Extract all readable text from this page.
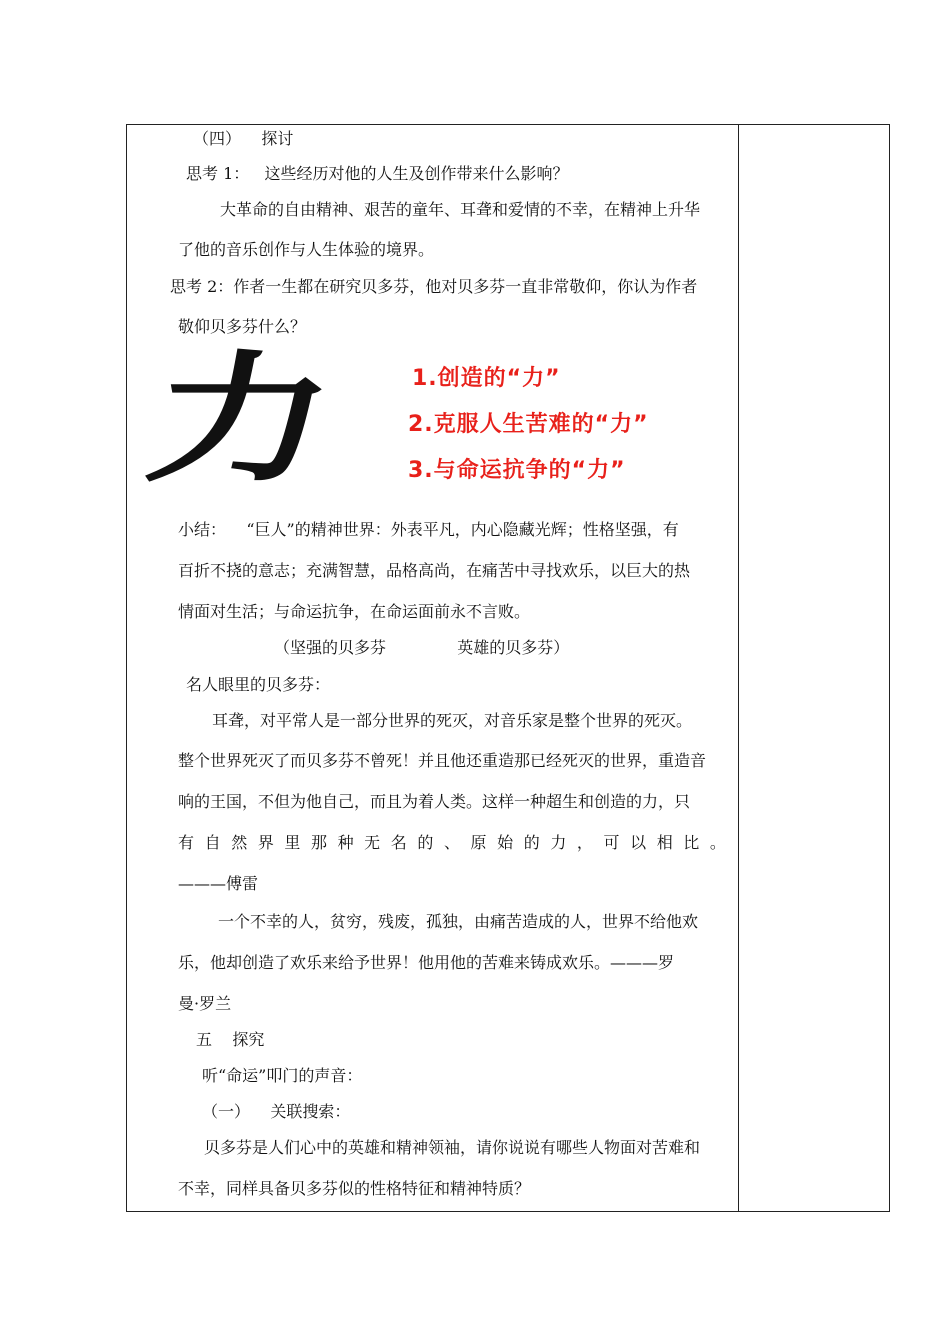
（四）    探讨
思考 1：   这些经历对他的人生及创作带来什么影响？
大革命的自由精神、艰苦的童年、耳聋和爱情的不幸，在精神上升华
了他的音乐创作与人生体验的境界。
思考 2：作者一生都在研究贝多芬，他对贝多芬一直非常敬仰，你认为作者
敬仰贝多芬什么？
力	1.创造的“力”
2.克服人生苦难的“力”
3.与命运抗争的“力”
小结：    “巨人”的精神世界：外表平凡，内心隐藏光辉；性格坚强，有
百折不挠的意志；充满智慧，品格高尚，在痛苦中寻找欢乐，以巨大的热
情面对生活；与命运抗争，在命运面前永不言败。
（坚强的贝多芬              英雄的贝多芬）
名人眼里的贝多芬：
耳聋，对平常人是一部分世界的死灭，对音乐家是整个世界的死灭。
整个世界死灭了而贝多芬不曾死！并且他还重造那已经死灭的世界，重造音
响的王国，不但为他自己，而且为着人类。这样一种超生和创造的力，只
有 自 然 界 里 那 种 无 名 的 、 原 始 的 力 ， 可 以 相 比 。
———傅雷
一个不幸的人，贫穷，残废，孤独，由痛苦造成的人，世界不给他欢
乐，他却创造了欢乐来给予世界！他用他的苦难来铸成欢乐。———罗
曼·罗兰
五    探究
听“命运”叩门的声音：
（一）    关联搜索：
贝多芬是人们心中的英雄和精神领袖，请你说说有哪些人物面对苦难和
不幸，同样具备贝多芬似的性格特征和精神特质？
